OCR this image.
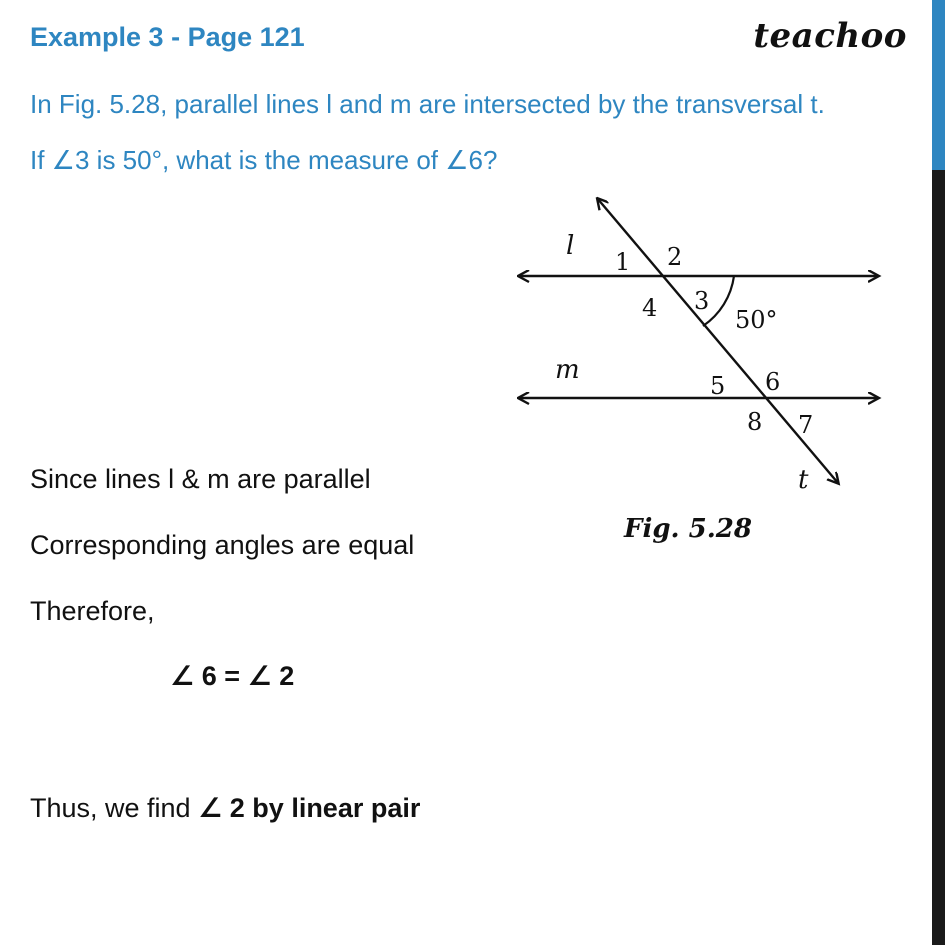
Example 3 - Page 121	teachoo
In Fig. 5.28, parallel lines l and m are intersected by the transversal t.
If ∠3 is 50°, what is the measure of ∠6?
l
m
t
1 2
3
4
5 6
7
8
50°
Fig. 5.28
Since lines l & m are parallel
Corresponding angles are equal
Therefore,
∠ 6 = ∠ 2
Thus, we find ∠ 2 by linear pair
